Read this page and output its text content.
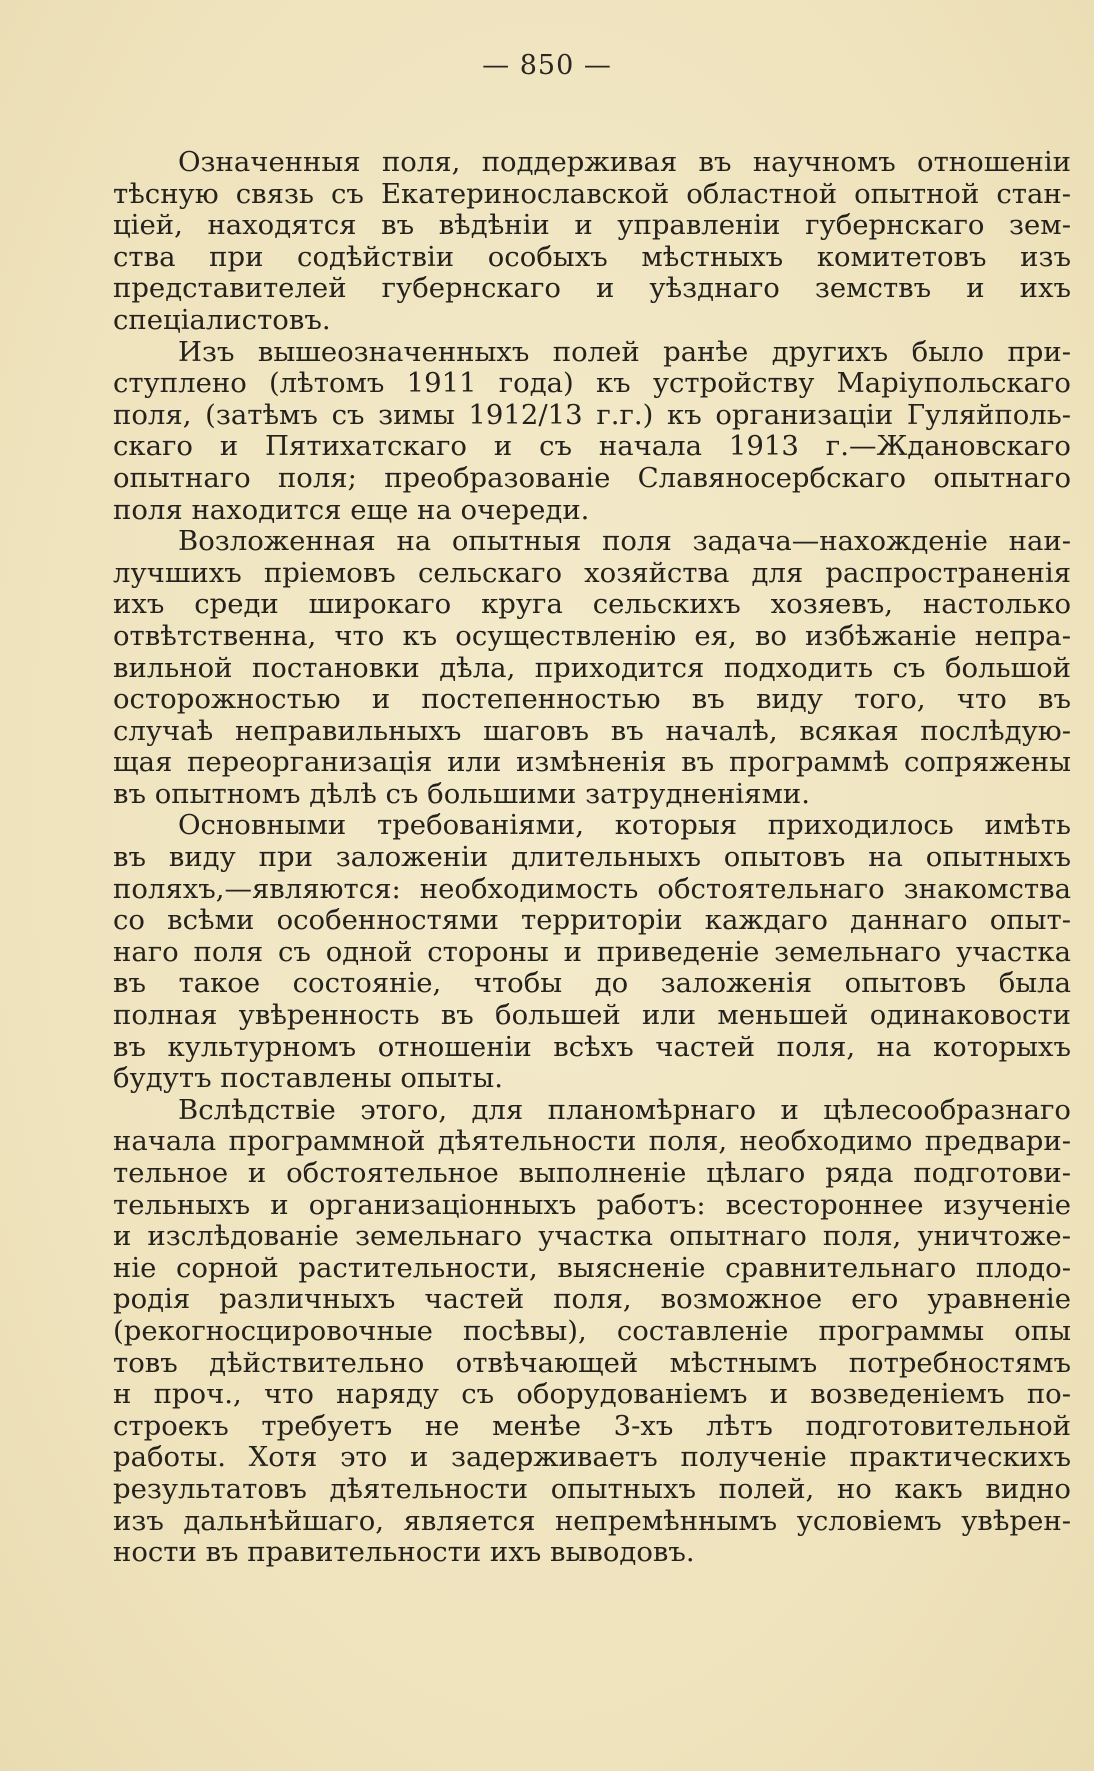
— 850 —
Означенныя поля, поддерживая въ научномъ отношеніи
тѣсную связь съ Екатеринославской областной опытной стан-
ціей, находятся въ вѣдѣніи и управленіи губернскаго зем-
ства при содѣйствіи особыхъ мѣстныхъ комитетовъ изъ
представителей губернскаго и уѣзднаго земствъ и ихъ
спеціалистовъ.
Изъ вышеозначенныхъ полей ранѣе другихъ было при-
ступлено (лѣтомъ 1911 года) къ устройству Маріупольскаго
поля, (затѣмъ съ зимы 1912/13 г.г.) къ организаціи Гуляйполь-
скаго и Пятихатскаго и съ начала 1913 г.—Ждановскаго
опытнаго поля; преобразованіе Славяносербскаго опытнаго
поля находится еще на очереди.
Возложенная на опытныя поля задача—нахожденіе наи-
лучшихъ пріемовъ сельскаго хозяйства для распространенія
ихъ среди широкаго круга сельскихъ хозяевъ, настолько
отвѣтственна, что къ осуществленію ея, во избѣжаніе непра-
вильной постановки дѣла, приходится подходить съ большой
осторожностью и постепенностью въ виду того, что въ
случаѣ неправильныхъ шаговъ въ началѣ, всякая послѣдую-
щая переорганизація или измѣненія въ программѣ сопряжены
въ опытномъ дѣлѣ съ большими затрудненіями.
Основными требованіями, которыя приходилось имѣть
въ виду при заложеніи длительныхъ опытовъ на опытныхъ
поляхъ,—являются: необходимость обстоятельнаго знакомства
со всѣми особенностями территоріи каждаго даннаго опыт-
наго поля съ одной стороны и приведеніе земельнаго участка
въ такое состояніе, чтобы до заложенія опытовъ была
полная увѣренность въ большей или меньшей одинаковости
въ культурномъ отношеніи всѣхъ частей поля, на которыхъ
будутъ поставлены опыты.
Вслѣдствіе этого, для планомѣрнаго и цѣлесообразнаго
начала программной дѣятельности поля, необходимо предвари-
тельное и обстоятельное выполненіе цѣлаго ряда подготови-
тельныхъ и организаціонныхъ работъ: всестороннее изученіе
и изслѣдованіе земельнаго участка опытнаго поля, уничтоже-
ніе сорной растительности, выясненіе сравнительнаго плодо-
родія различныхъ частей поля, возможное его уравненіе
(рекогносцировочные посѣвы), составленіе программы опы
товъ дѣйствительно отвѣчающей мѣстнымъ потребностямъ
н проч., что наряду съ оборудованіемъ и возведеніемъ по-
строекъ требуетъ не менѣе 3-хъ лѣтъ подготовительной
работы. Хотя это и задерживаетъ полученіе практическихъ
результатовъ дѣятельности опытныхъ полей, но какъ видно
изъ дальнѣйшаго, является непремѣннымъ условіемъ увѣрен-
ности въ правительности ихъ выводовъ.
